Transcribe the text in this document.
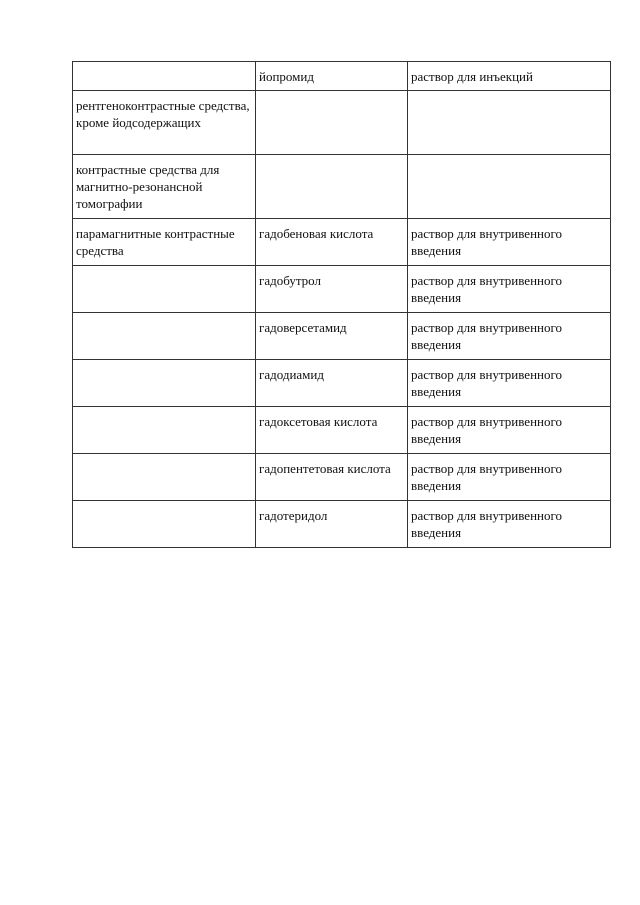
	йопромид	раствор для инъекций
рентгеноконтрастные средства, кроме йодсодержащих		
контрастные средства для магнитно-резонансной томографии		
парамагнитные контрастные средства	гадобеновая кислота	раствор для внутривенного введения
	гадобутрол	раствор для внутривенного введения
	гадоверсетамид	раствор для внутривенного введения
	гадодиамид	раствор для внутривенного введения
	гадоксетовая кислота	раствор для внутривенного введения
	гадопентетовая кислота	раствор для внутривенного введения
	гадотеридол	раствор для внутривенного введения
